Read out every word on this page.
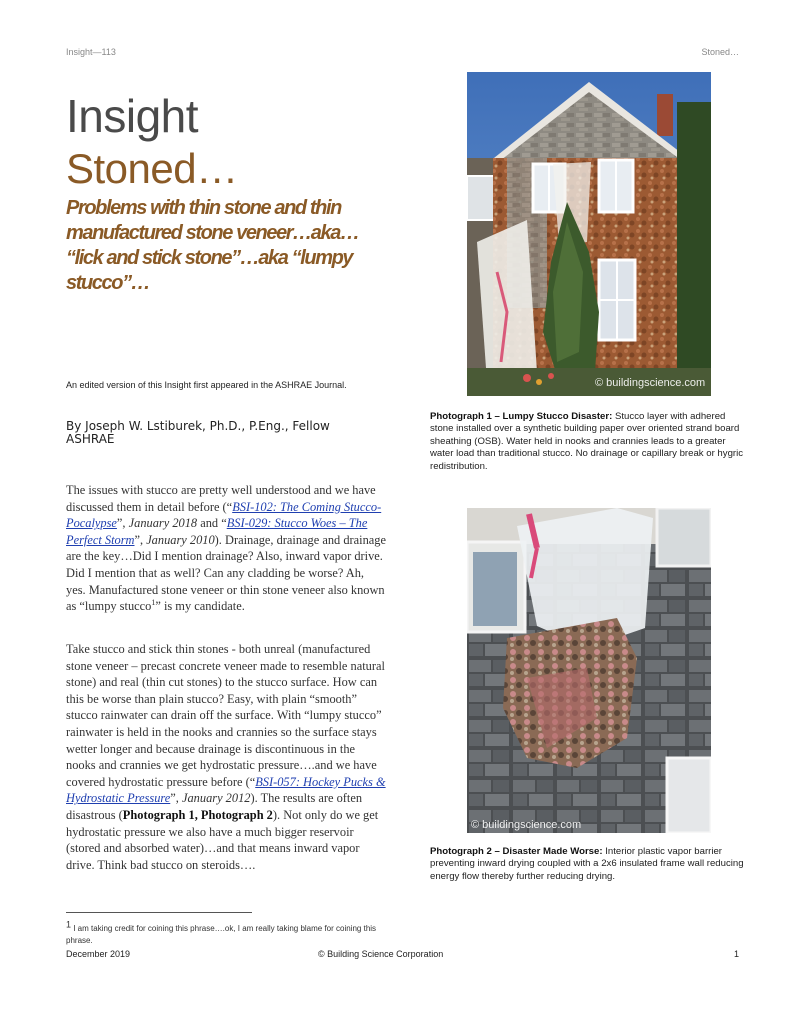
Insight—113	Stoned…
Insight
Stoned…
Problems with thin stone and thin manufactured stone veneer…aka… “lick and stick stone”…aka “lumpy stucco”…
An edited version of this Insight first appeared in the ASHRAE Journal.
By Joseph W. Lstiburek, Ph.D., P.Eng., Fellow ASHRAE
The issues with stucco are pretty well understood and we have discussed them in detail before (“BSI-102: The Coming Stucco-Pocalypse”, January 2018 and “BSI-029: Stucco Woes – The Perfect Storm”, January 2010). Drainage, drainage and drainage are the key…Did I mention drainage? Also, inward vapor drive. Did I mention that as well? Can any cladding be worse? Ah, yes. Manufactured stone veneer or thin stone veneer also known as “lumpy stucco$^1$” is my candidate.
Take stucco and stick thin stones - both unreal (manufactured stone veneer – precast concrete veneer made to resemble natural stone) and real (thin cut stones) to the stucco surface. How can this be worse than plain stucco? Easy, with plain “smooth” stucco rainwater can drain off the surface. With “lumpy stucco” rainwater is held in the nooks and crannies so the surface stays wetter longer and because drainage is discontinuous in the nooks and crannies we get hydrostatic pressure….and we have covered hydrostatic pressure before (“BSI-057: Hockey Pucks & Hydrostatic Pressure”, January 2012). The results are often disastrous (Photograph 1, Photograph 2). Not only do we get hydrostatic pressure we also have a much bigger reservoir (stored and absorbed water)…and that means inward vapor drive. Think bad stucco on steroids….
$^1$ I am taking credit for coining this phrase….ok, I am really taking blame for coining this phrase.
December 2019	© Building Science Corporation	1
© buildingscience.com
Photograph 1 – Lumpy Stucco Disaster: Stucco layer with adhered stone installed over a synthetic building paper over oriented strand board sheathing (OSB). Water held in nooks and crannies leads to a greater water load than traditional stucco. No drainage or capillary break or hygric redistribution.
© buildingscience.com
Photograph 2 – Disaster Made Worse: Interior plastic vapor barrier preventing inward drying coupled with a 2x6 insulated frame wall reducing energy flow thereby further reducing drying.
